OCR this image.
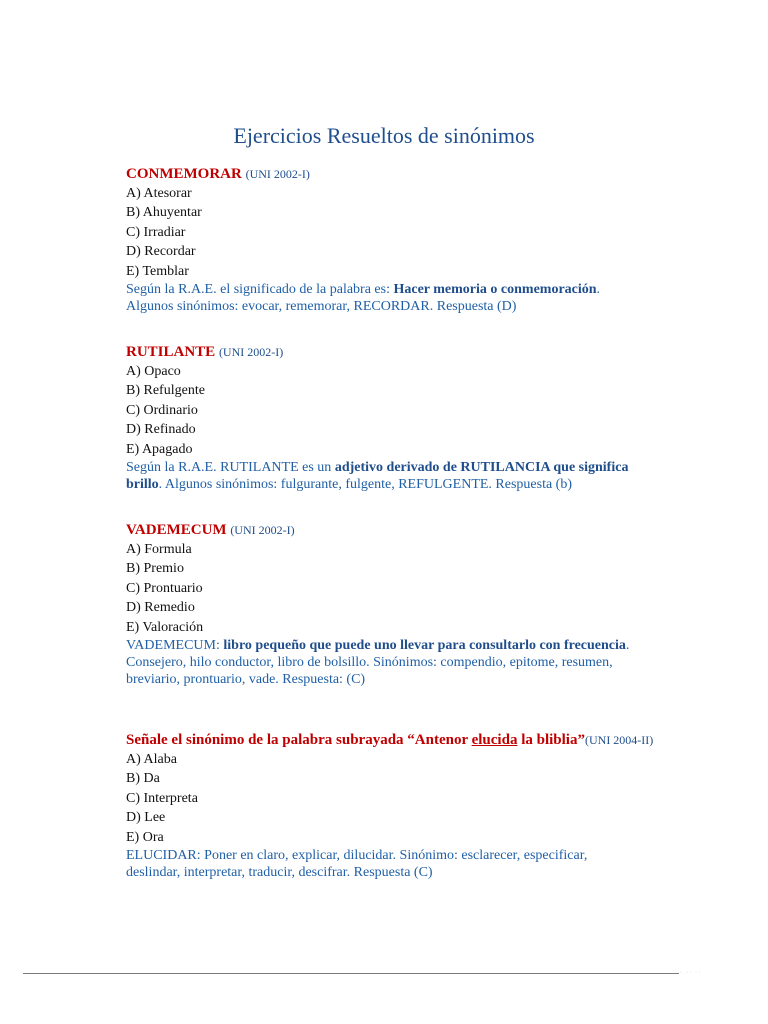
Ejercicios Resueltos de sinónimos
CONMEMORAR (UNI 2002-I)
A) Atesorar
B) Ahuyentar
C) Irradiar
D) Recordar
E) Temblar
Según la R.A.E. el significado de la palabra es: Hacer memoria o conmemoración.
Algunos sinónimos: evocar, rememorar, RECORDAR. Respuesta (D)
RUTILANTE (UNI 2002-I)
A) Opaco
B) Refulgente
C) Ordinario
D) Refinado
E) Apagado
Según la R.A.E. RUTILANTE es un adjetivo derivado de RUTILANCIA que significa brillo. Algunos sinónimos: fulgurante, fulgente, REFULGENTE. Respuesta (b)
VADEMECUM (UNI 2002-I)
A) Formula
B) Premio
C) Prontuario
D) Remedio
E) Valoración
VADEMECUM: libro pequeño que puede uno llevar para consultarlo con frecuencia. Consejero, hilo conductor, libro de bolsillo. Sinónimos: compendio, epitome, resumen, breviario, prontuario, vade. Respuesta: (C)
Señale el sinónimo de la palabra subrayada “Antenor elucida la bliblia”(UNI 2004-II)
A) Alaba
B) Da
C) Interpreta
D) Lee
E) Ora
ELUCIDAR: Poner en claro, explicar, dilucidar. Sinónimo: esclarecer, especificar, deslindar, interpretar, traducir, descifrar. Respuesta (C)
·   · ·  · ·
